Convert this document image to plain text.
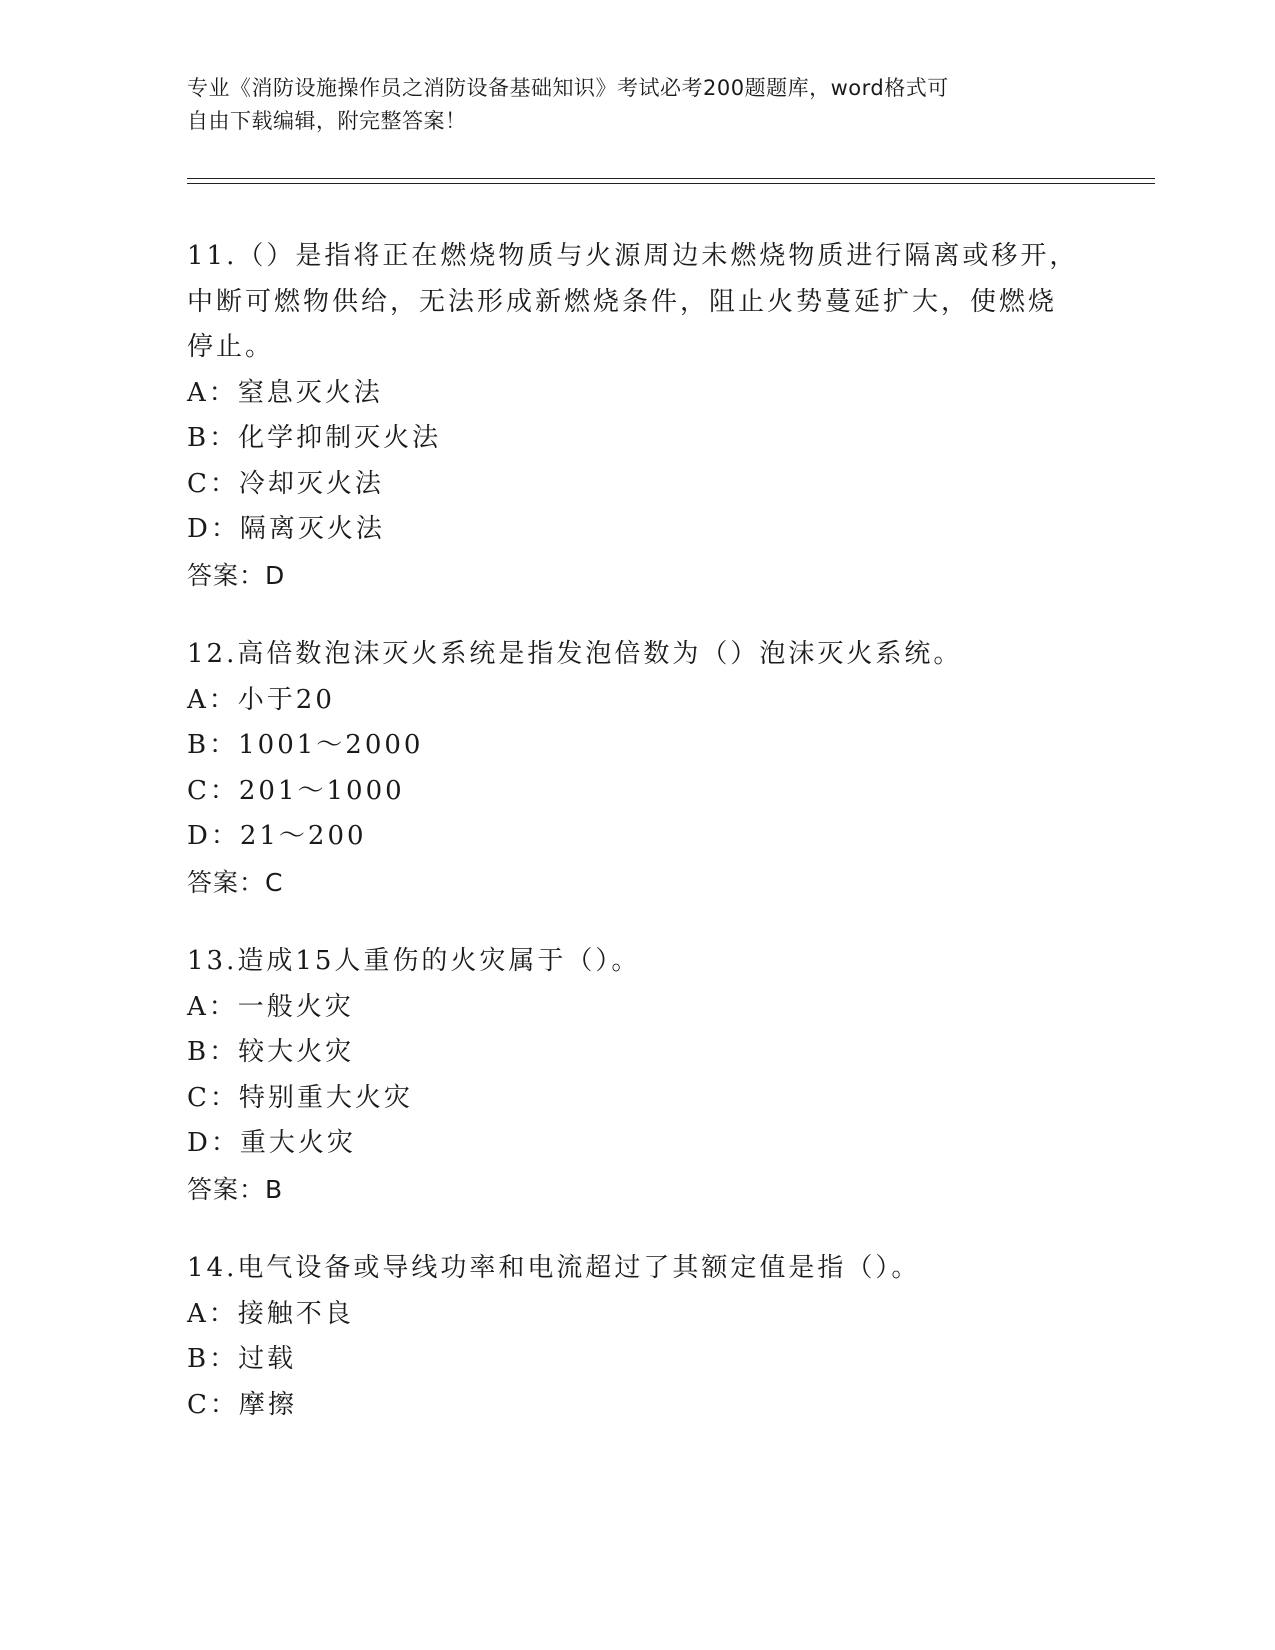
专业《消防设施操作员之消防设备基础知识》考试必考200题题库，word格式可
自由下载编辑，附完整答案！
11.（）是指将正在燃烧物质与火源周边未燃烧物质进行隔离或移开，
中断可燃物供给，无法形成新燃烧条件，阻止火势蔓延扩大，使燃烧
停止。
A：窒息灭火法
B：化学抑制灭火法
C：冷却灭火法
D：隔离灭火法
答案：D
12.高倍数泡沫灭火系统是指发泡倍数为（）泡沫灭火系统。
A：小于20
B：1001～2000
C：201～1000
D：21～200
答案：C
13.造成15人重伤的火灾属于（）。
A：一般火灾
B：较大火灾
C：特别重大火灾
D：重大火灾
答案：B
14.电气设备或导线功率和电流超过了其额定值是指（）。
A：接触不良
B：过载
C：摩擦
